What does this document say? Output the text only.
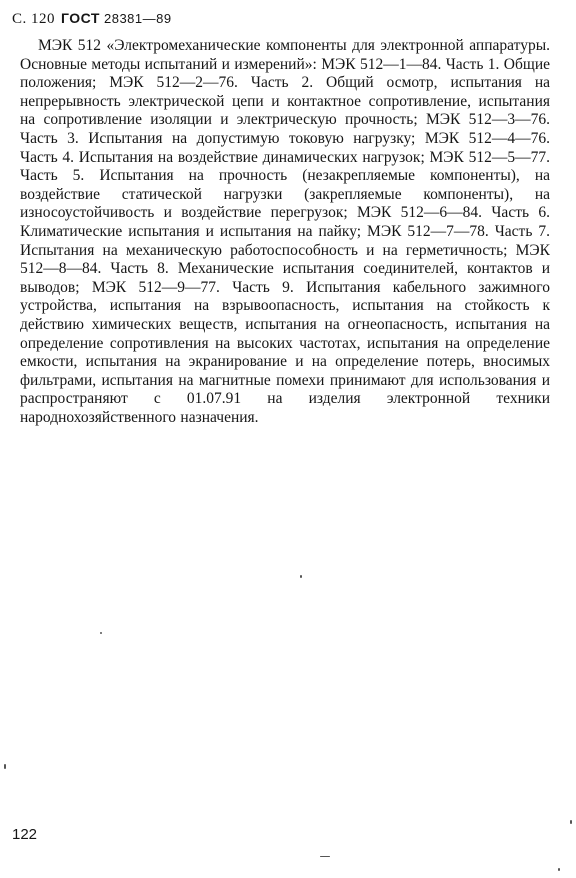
С. 120 ГОСТ 28381—89

МЭК 512 «Электромеханические компоненты для электронной аппаратуры. Основные методы испытаний и измерений»: МЭК 512—1—84. Часть 1. Общие положения; МЭК 512—2—76. Часть 2. Общий осмотр, испытания на непрерывность электрической цепи и контактное сопротивление, испытания на сопротивление изоляции и электрическую прочность; МЭК 512—3—76. Часть 3. Испытания на допустимую токовую нагрузку; МЭК 512—4—76. Часть 4. Испытания на воздействие динамических нагрузок; МЭК 512—5—77. Часть 5. Испытания на прочность (незакрепляемые компоненты), на воздействие статической нагрузки (закрепляемые компоненты), на износоустойчивость и воздействие перегрузок; МЭК 512—6—84. Часть 6. Климатические испытания и испытания на пайку; МЭК 512—7—78. Часть 7. Испытания на механическую работоспособность и на герметичность; МЭК 512—8—84. Часть 8. Механические испытания соединителей, контактов и выводов; МЭК 512—9—77. Часть 9. Испытания кабельного зажимного устройства, испытания на взрывоопасность, испытания на стойкость к действию химических веществ, испытания на огнеопасность, испытания на определение сопротивления на высоких частотах, испытания на определение емкости, испытания на экранирование и на определение потерь, вносимых фильтрами, испытания на магнитные помехи принимают для использования и распространяют с 01.07.91 на изделия электронной техники народнохозяйственного назначения.

122
